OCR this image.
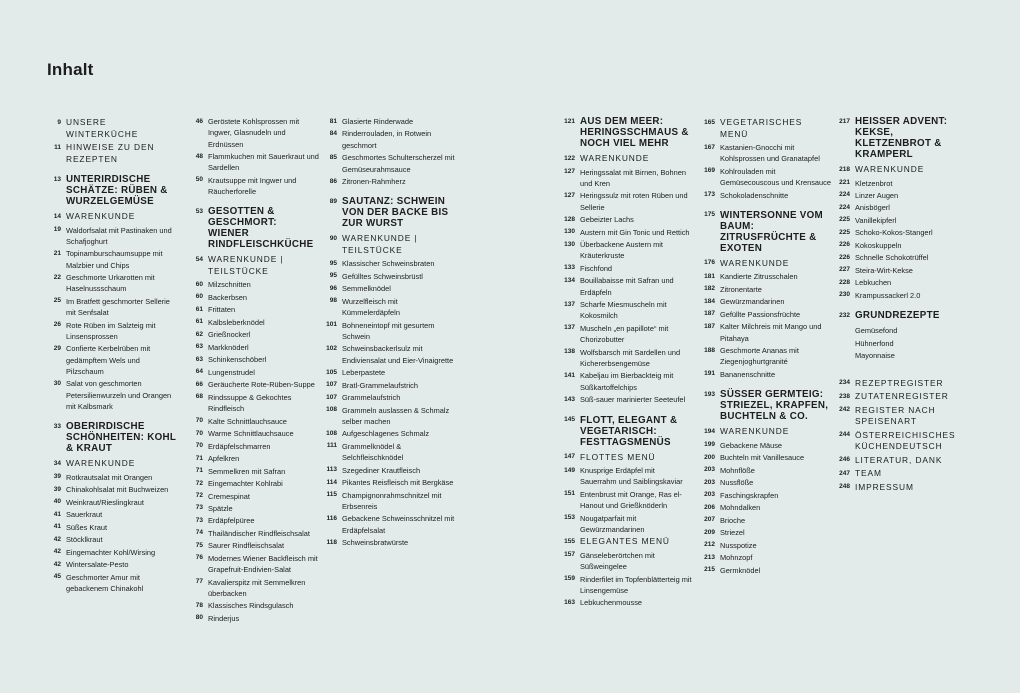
Inhalt
9 UNSERE WINTERKÜCHE
11 HINWEISE ZU DEN REZEPTEN
13 UNTERIRDISCHE SCHÄTZE: RÜBEN & WURZELGEMÜSE
14 WARENKUNDE
19 Waldorfsalat mit Pastinaken und Schafjoghurt
21 Topinamburschaumsuppe mit Malzbier und Chips
22 Geschmorte Urkarotten mit Haselnussschaum
25 Im Bratfett geschmorter Sellerie mit Senfsalat
26 Rote Rüben im Salzteig mit Linsensprossen
29 Confierte Kerbelrüben mit gedämpftem Wels und Pilzschaum
30 Salat von geschmorten Petersilienwurzeln und Orangen mit Kalbsmark
33 OBERIRDISCHE SCHÖNHEITEN: KOHL & KRAUT
34 WARENKUNDE
39 Rotkrautsalat mit Orangen
39 Chinakohlsalat mit Buchweizen
40 Weinkraut/Rieslingkraut
41 Sauerkraut
41 Süßes Kraut
42 Stöcklkraut
42 Eingemachter Kohl/Wirsing
42 Wintersalate-Pesto
45 Geschmorter Amur mit gebackenem Chinakohl
46 Geröstete Kohlsprossen mit Ingwer, Glasnudeln und Erdnüssen
48 Flammkuchen mit Sauerkraut und Sardellen
50 Krautsuppe mit Ingwer und Räucherforelle
53 GESOTTEN & GESCHMORT: WIENER RINDFLEISCHKÜCHE
54 WARENKUNDE | TEILSTÜCKE
60 Milzschnitten
60 Backerbsen
61 Frittaten
61 Kalbsleberknödel
62 Grießnockerl
63 Markknöderl
63 Schinkenschöberl
64 Lungenstrudel
66 Geräucherte Rote-Rüben-Suppe
68 Rindssuppe & Gekochtes Rindfleisch
70 Kalte Schnittlauchsauce
70 Warme Schnittlauchsauce
70 Erdäpfelschmarren
71 Apfelkren
71 Semmelkren mit Safran
72 Eingemachter Kohlrabi
72 Cremespinat
73 Spätzle
73 Erdäpfelpüree
74 Thailändischer Rindfleischsalat
75 Saurer Rindfleischsalat
76 Modernes Wiener Backfleisch mit Grapefruit-Endivien-Salat
77 Kavalierspitz mit Semmelkren überbacken
78 Klassisches Rindsgulasch
80 Rinderjus
81 Glasierte Rinderwade
84 Rinderrouladen, in Rotwein geschmort
85 Geschmortes Schulterscherzel mit Gemüseurahmsauce
86 Zitronen-Rahmherz
89 SAUTANZ: SCHWEIN VON DER BACKE BIS ZUR WURST
90 WARENKUNDE | TEILSTÜCKE
95 Klassischer Schweinsbraten
95 Gefülltes Schweinsbrüstl
96 Semmelknödel
98 Wurzelfleisch mit Kümmelerdäpfeln
101 Bohneneintopf mit gesurtem Schwein
102 Schweinsbackerlsulz mit Endiviensalat und Eier-Vinaigrette
105 Leberpastete
107 Bratl-Grammelaufstrich
107 Grammelaufstrich
108 Grammeln auslassen & Schmalz selber machen
108 Aufgeschlagenes Schmalz
111 Grammelknödel & Selchfleischknödel
113 Szegediner Krautfleisch
114 Pikantes Reisfleisch mit Bergkäse
115 Champignonrahmschnitzel mit Erbsenreis
116 Gebackene Schweinsschnitzel mit Erdäpfelsalat
118 Schweinsbratwürste
121 AUS DEM MEER: HERINGSSCHMAUS & NOCH VIEL MEHR
122 WARENKUNDE
127 Heringssalat mit Birnen, Bohnen und Kren
127 Heringssulz mit roten Rüben und Sellerie
128 Gebeizter Lachs
130 Austern mit Gin Tonic und Rettich
130 Überbackene Austern mit Kräuterkruste
133 Fischfond
134 Bouillabaisse mit Safran und Erdäpfeln
137 Scharfe Miesmuscheln mit Kokosmilch
137 Muscheln „en papillote“ mit Chorizobutter
138 Wolfsbarsch mit Sardellen und Kichererbsengemüse
141 Kabeljau im Bierbackteig mit Süßkartoffelchips
143 Süß-sauer marinierter Seeteufel
145 FLOTT, ELEGANT & VEGETARISCH: FESTTAGSMENÜS
147 FLOTTES MENÜ
149 Knusprige Erdäpfel mit Sauerrahm und Saiblingskaviar
151 Entenbrust mit Orange, Ras el-Hanout und Grießknöderln
153 Nougatparfait mit Gewürzmandarinen
155 ELEGANTES MENÜ
157 Gänseleberörtchen mit Süßweingelee
159 Rinderfilet im Topfenblätterteig mit Linsengemüse
163 Lebkuchenmousse
165 VEGETARISCHES MENÜ
167 Kastanien-Gnocchi mit Kohlsprossen und Granatapfel
169 Kohlrouladen mit Gemüsecouscous und Krensauce
173 Schokoladenschnitte
175 WINTERSONNE VOM BAUM: ZITRUSFRÜCHTE & EXOTEN
176 WARENKUNDE
181 Kandierte Zitrusschalen
182 Zitronentarte
184 Gewürzmandarinen
187 Gefüllte Passionsfrüchte
187 Kalter Milchreis mit Mango und Pitahaya
188 Geschmorte Ananas mit Ziegenjoghurtgranité
191 Bananenschnitte
193 SÜSSER GERMTEIG: STRIEZEL, KRAPFEN, BUCHTELN & CO.
194 WARENKUNDE
199 Gebackene Mäuse
200 Buchteln mit Vanillesauce
203 Mohnflöße
203 Nussflöße
203 Faschingskrapfen
206 Mohndalken
207 Brioche
209 Striezel
212 Nusspotize
213 Mohnzopf
215 Germknödel
217 HEISSER ADVENT: KEKSE, KLETZENBROT & KRAMPERL
218 WARENKUNDE
221 Kletzenbrot
224 Linzer Augen
224 Anisbögerl
225 Vanillekipferl
225 Schoko-Kokos-Stangerl
226 Kokoskuppeln
226 Schnelle Schokotrüffel
227 Steira-Wirt-Kekse
228 Lebkuchen
230 Krampussackerl 2.0
232 GRUNDREZEPTE
Gemüsefond
Hühnerfond
Mayonnaise
234 REZEPTREGISTER
238 ZUTATENREGISTER
242 REGISTER NACH SPEISENART
244 ÖSTERREICHISCHES KÜCHENDEUTSCH
246 LITERATUR, DANK
247 TEAM
248 IMPRESSUM
